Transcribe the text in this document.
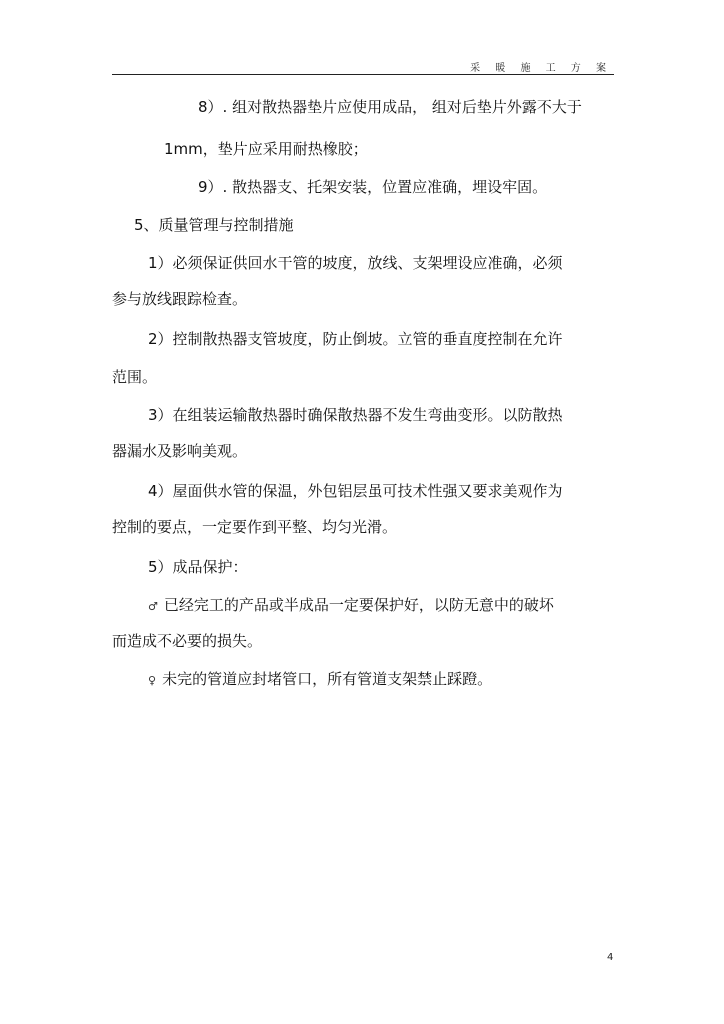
采 暖 施 工 方 案
8）. 组对散热器垫片应使用成品， 组对后垫片外露不大于
1mm，垫片应采用耐热橡胶；
9）. 散热器支、托架安装，位置应准确，埋设牢固。
5、质量管理与控制措施
1）必须保证供回水干管的坡度，放线、支架埋设应准确，必须
参与放线跟踪检查。
2）控制散热器支管坡度，防止倒坡。立管的垂直度控制在允许
范围。
3）在组装运输散热器时确保散热器不发生弯曲变形。以防散热
器漏水及影响美观。
4）屋面供水管的保温，外包铝层虽可技术性强又要求美观作为
控制的要点，一定要作到平整、均匀光滑。
5）成品保护：
♂ 已经完工的产品或半成品一定要保护好，以防无意中的破坏
而造成不必要的损失。
♀ 未完的管道应封堵管口，所有管道支架禁止踩蹬。
4
